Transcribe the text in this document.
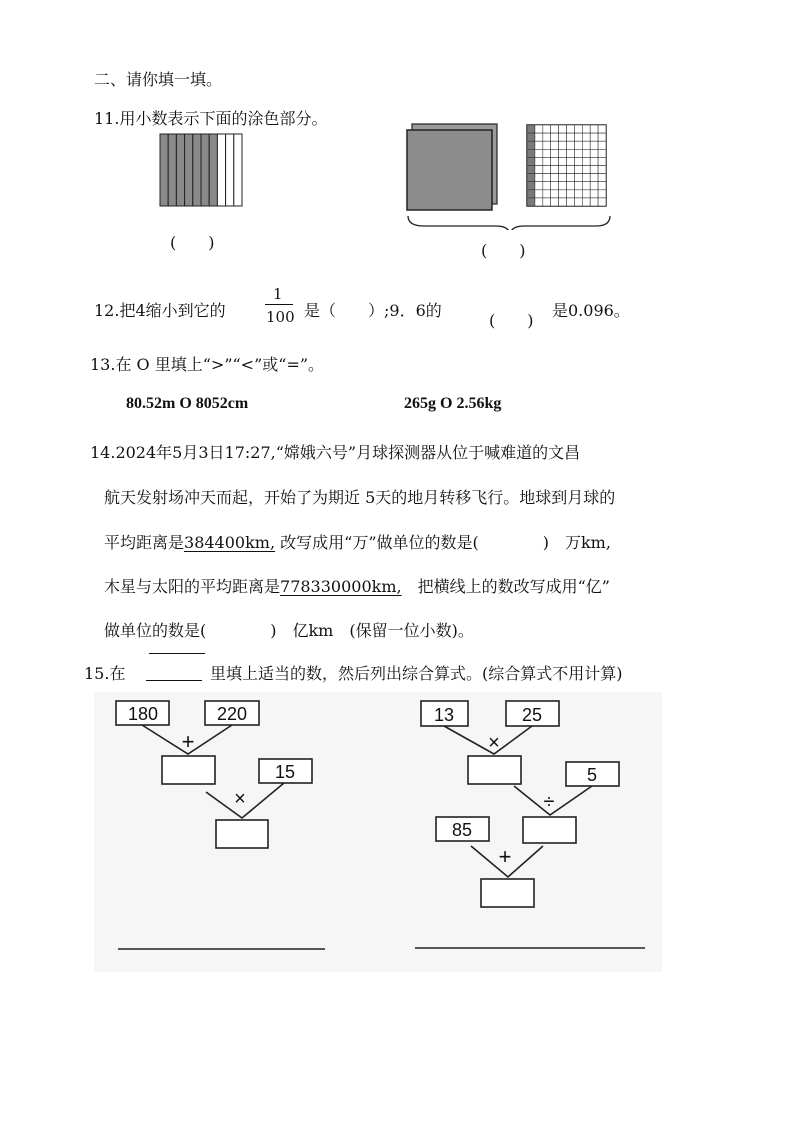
二、请你填一填。
11.用小数表示下面的涂色部分。
(　　)	(　　)
12.把4缩小到它的
1
100 是（　　）;9．6的
(　　)
是0.096。
13.在 O 里填上“>”“<”或“=”。
80.52m O 8052cm	265g O 2.56kg
14.2024年5月3日17:27,“嫦娥六号”月球探测器从位于喊难道的文昌
航天发射场冲天而起，开始了为期近 5天的地月转移飞行。地球到月球的
平均距离是384400km, 改写成用“万”做单位的数是(　　　　)　万km,
木星与太阳的平均距离是778330000km,　把横线上的数改写成用“亿”
做单位的数是(　　　　)　亿km　(保留一位小数)。
15.在	里填上适当的数，然后列出综合算式。(综合算式不用计算)
180	220
+
15
×
13	25
×
5
÷
85
+
